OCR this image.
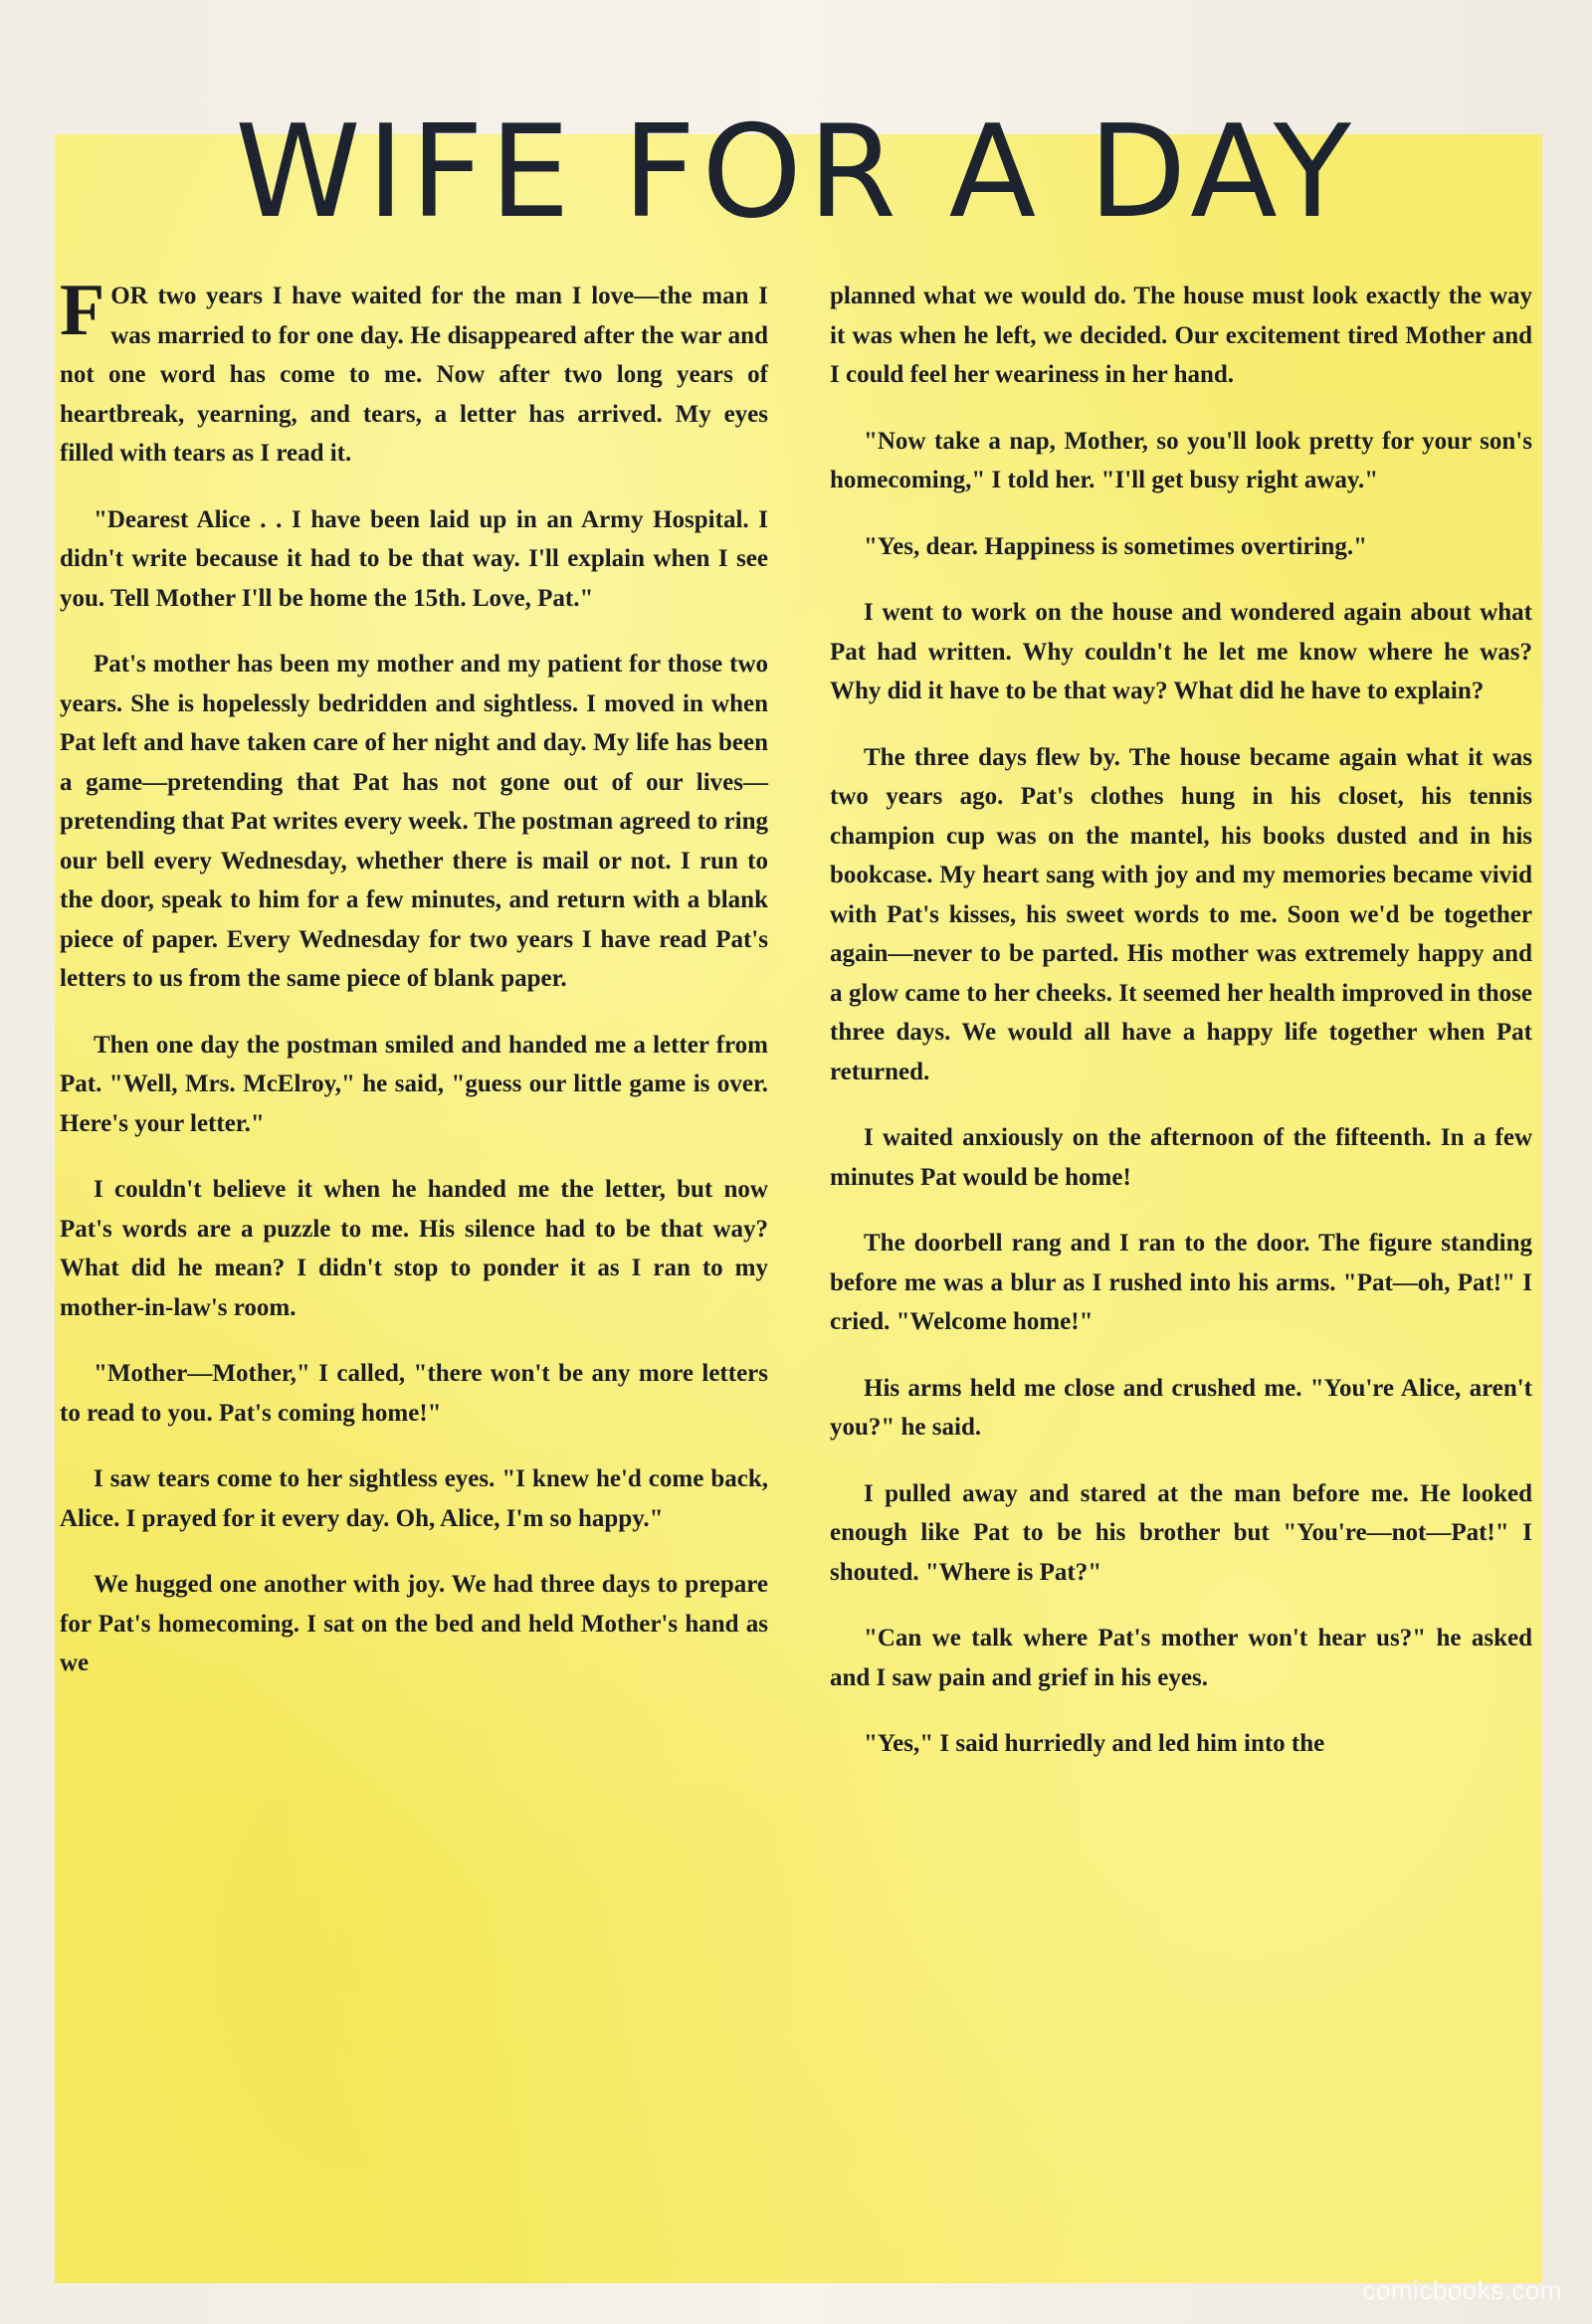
WIFE FOR A DAY

FOR two years I have waited for the man I love—the man I was married to for one day. He disappeared after the war and not one word has come to me. Now after two long years of heartbreak, yearning, and tears, a letter has arrived. My eyes filled with tears as I read it.

"Dearest Alice . . I have been laid up in an Army Hospital. I didn't write because it had to be that way. I'll explain when I see you. Tell Mother I'll be home the 15th. Love, Pat."

Pat's mother has been my mother and my patient for those two years. She is hopelessly bedridden and sightless. I moved in when Pat left and have taken care of her night and day. My life has been a game—pretending that Pat has not gone out of our lives—pretending that Pat writes every week. The postman agreed to ring our bell every Wednesday, whether there is mail or not. I run to the door, speak to him for a few minutes, and return with a blank piece of paper. Every Wednesday for two years I have read Pat's letters to us from the same piece of blank paper.

Then one day the postman smiled and handed me a letter from Pat. "Well, Mrs. McElroy," he said, "guess our little game is over. Here's your letter."

I couldn't believe it when he handed me the letter, but now Pat's words are a puzzle to me. His silence had to be that way? What did he mean? I didn't stop to ponder it as I ran to my mother-in-law's room.

"Mother—Mother," I called, "there won't be any more letters to read to you. Pat's coming home!"

I saw tears come to her sightless eyes. "I knew he'd come back, Alice. I prayed for it every day. Oh, Alice, I'm so happy."

We hugged one another with joy. We had three days to prepare for Pat's homecoming. I sat on the bed and held Mother's hand as we

planned what we would do. The house must look exactly the way it was when he left, we decided. Our excitement tired Mother and I could feel her weariness in her hand.

"Now take a nap, Mother, so you'll look pretty for your son's homecoming," I told her. "I'll get busy right away."

"Yes, dear. Happiness is sometimes overtiring."

I went to work on the house and wondered again about what Pat had written. Why couldn't he let me know where he was? Why did it have to be that way? What did he have to explain?

The three days flew by. The house became again what it was two years ago. Pat's clothes hung in his closet, his tennis champion cup was on the mantel, his books dusted and in his bookcase. My heart sang with joy and my memories became vivid with Pat's kisses, his sweet words to me. Soon we'd be together again—never to be parted. His mother was extremely happy and a glow came to her cheeks. It seemed her health improved in those three days. We would all have a happy life together when Pat returned.

I waited anxiously on the afternoon of the fifteenth. In a few minutes Pat would be home!

The doorbell rang and I ran to the door. The figure standing before me was a blur as I rushed into his arms. "Pat—oh, Pat!" I cried. "Welcome home!"

His arms held me close and crushed me. "You're Alice, aren't you?" he said.

I pulled away and stared at the man before me. He looked enough like Pat to be his brother but "You're—not—Pat!" I shouted. "Where is Pat?"

"Can we talk where Pat's mother won't hear us?" he asked and I saw pain and grief in his eyes.

"Yes," I said hurriedly and led him into the

comicbooks.com
